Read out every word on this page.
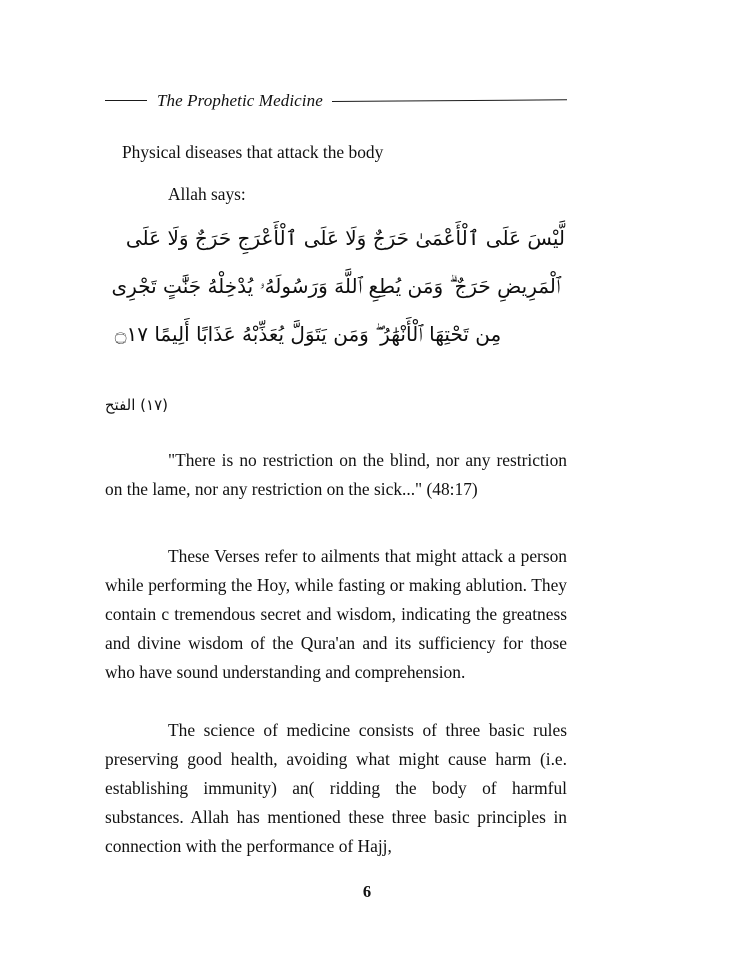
The Prophetic Medicine

Physical diseases that attack the body

Allah says:

لَّيْسَ عَلَى ٱلْأَعْمَىٰ حَرَجٌ وَلَا عَلَى ٱلْأَعْرَجِ حَرَجٌ وَلَا عَلَى
ٱلْمَرِيضِ حَرَجٌ ۗ وَمَن يُطِعِ ٱللَّهَ وَرَسُولَهُۥ يُدْخِلْهُ جَنَّٰتٍ تَجْرِى
مِن تَحْتِهَا ٱلْأَنْهَٰرُ ۖ وَمَن يَتَوَلَّ يُعَذِّبْهُ عَذَابًا أَلِيمًا ۝١٧
(١٧) الفتح

"There is no restriction on the blind, nor any restriction on the lame, nor any restriction on the sick..." (48:17)

These Verses refer to ailments that might attack a person while performing the Hoy, while fasting or making ablution. They contain c tremendous secret and wisdom, indicating the greatness and divine wisdom of the Qura'an and its sufficiency for those who have sound understanding and comprehension.

The science of medicine consists of three basic rules preserving good health, avoiding what might cause harm (i.e. establishing immunity) an( ridding the body of harmful substances. Allah has mentioned these three basic principles in connection with the performance of Hajj,

6
